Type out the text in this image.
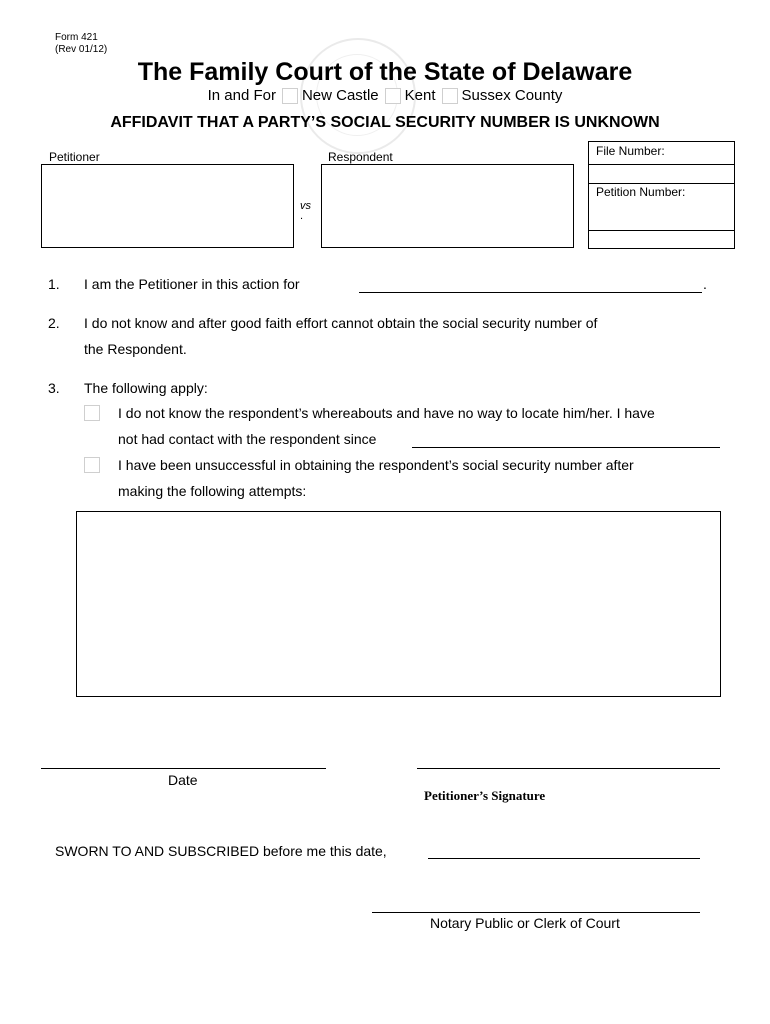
Form 421
(Rev 01/12)
The Family Court of the State of Delaware
In and For New Castle Kent Sussex County
AFFIDAVIT THAT A PARTY’S SOCIAL SECURITY NUMBER IS UNKNOWN
Petitioner
vs
.
Respondent	File Number:
Petition Number:
1. I am the Petitioner in this action for	.
2. I do not know and after good faith effort cannot obtain the social security number of
the Respondent.
3. The following apply:
I do not know the respondent’s whereabouts and have no way to locate him/her. I have
not had contact with the respondent since
I have been unsuccessful in obtaining the respondent’s social security number after
making the following attempts:
Date
Petitioner’s Signature
SWORN TO AND SUBSCRIBED before me this date,
Notary Public or Clerk of Court
